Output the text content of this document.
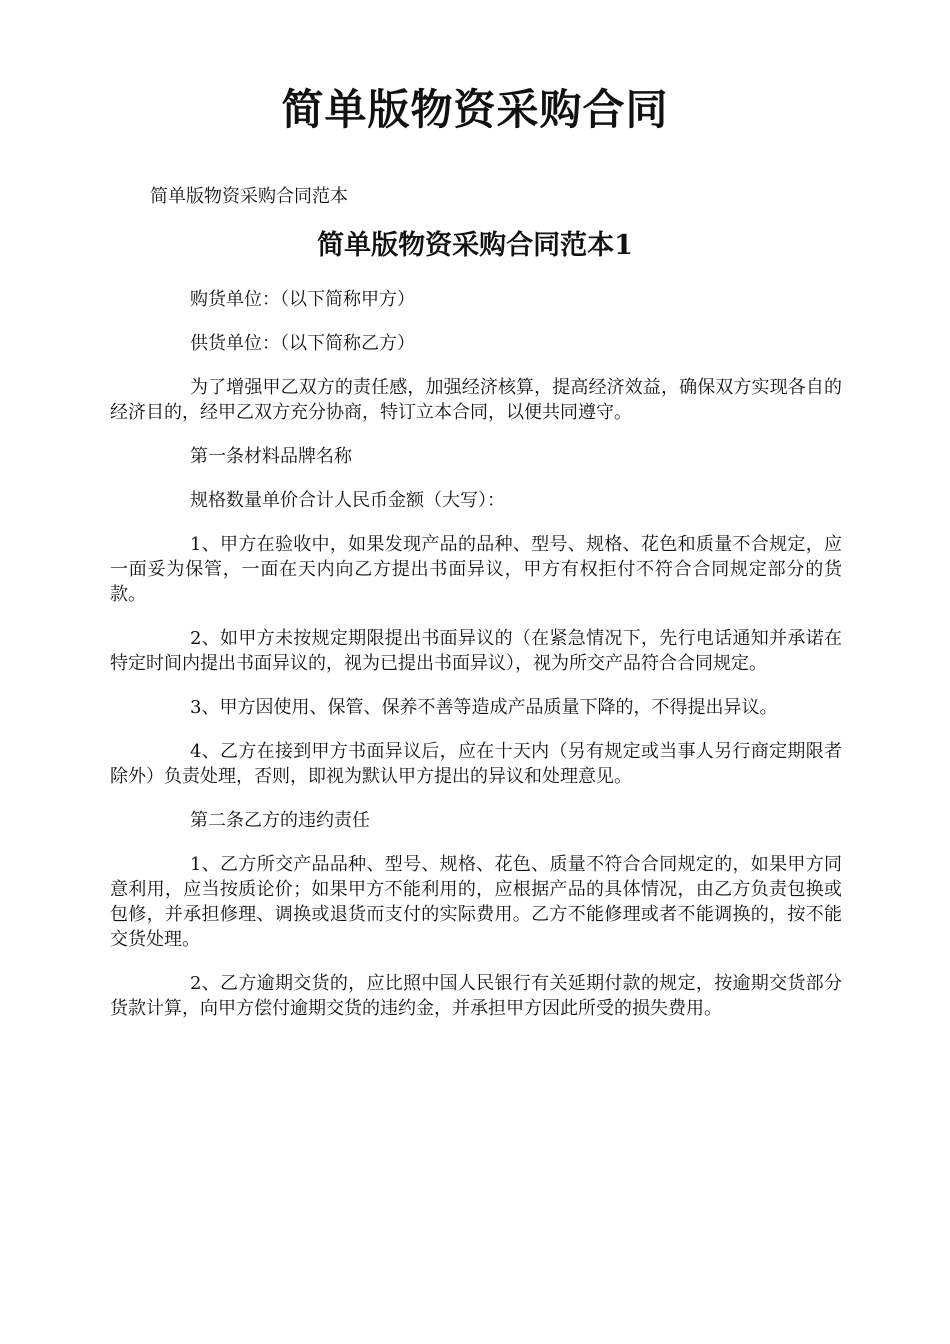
简单版物资采购合同

简单版物资采购合同范本

简单版物资采购合同范本1

购货单位：（以下简称甲方）

供货单位：（以下简称乙方）

为了增强甲乙双方的责任感，加强经济核算，提高经济效益，确保双方实现各自的经济目的，经甲乙双方充分协商，特订立本合同，以便共同遵守。

第一条材料品牌名称

规格数量单价合计人民币金额（大写）：

1、甲方在验收中，如果发现产品的品种、型号、规格、花色和质量不合规定，应一面妥为保管，一面在天内向乙方提出书面异议，甲方有权拒付不符合合同规定部分的货款。

2、如甲方未按规定期限提出书面异议的（在紧急情况下，先行电话通知并承诺在特定时间内提出书面异议的，视为已提出书面异议），视为所交产品符合合同规定。

3、甲方因使用、保管、保养不善等造成产品质量下降的，不得提出异议。

4、乙方在接到甲方书面异议后，应在十天内（另有规定或当事人另行商定期限者除外）负责处理，否则，即视为默认甲方提出的异议和处理意见。

第二条乙方的违约责任

1、乙方所交产品品种、型号、规格、花色、质量不符合合同规定的，如果甲方同意利用，应当按质论价；如果甲方不能利用的，应根据产品的具体情况，由乙方负责包换或包修，并承担修理、调换或退货而支付的实际费用。乙方不能修理或者不能调换的，按不能交货处理。

2、乙方逾期交货的，应比照中国人民银行有关延期付款的规定，按逾期交货部分货款计算，向甲方偿付逾期交货的违约金，并承担甲方因此所受的损失费用。
